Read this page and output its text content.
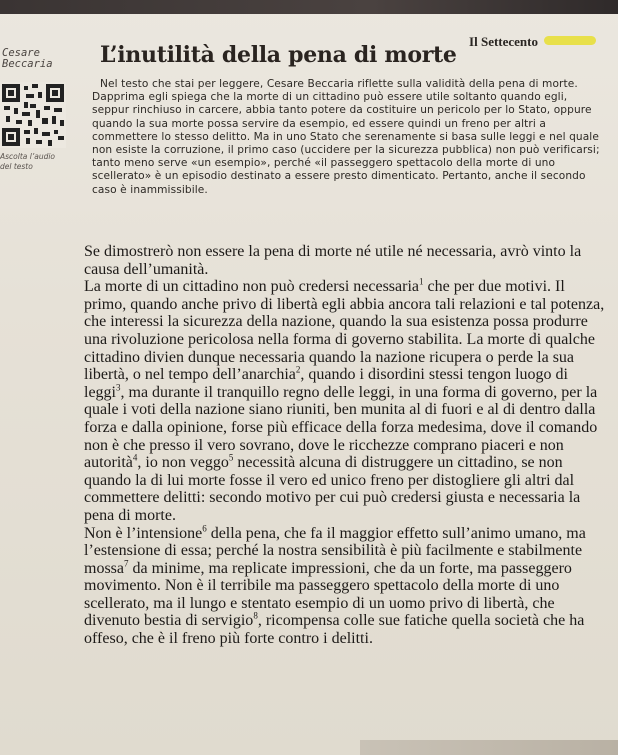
Il Settecento
Cesare
Beccaria	L’inutilità della pena di morte
Ascolta l’audio
del testo

Nel testo che stai per leggere, Cesare Beccaria riflette sulla validità della pena di morte. Dapprima egli spiega che la morte di un cittadino può essere utile soltanto quando egli, seppur rinchiuso in carcere, abbia tanto potere da costituire un pericolo per lo Stato, oppure quando la sua morte possa servire da esempio, ed essere quindi un freno per altri a commettere lo stesso delitto. Ma in uno Stato che serenamente si basa sulle leggi e nel quale non esiste la corruzione, il primo caso (uccidere per la sicurezza pubblica) non può verificarsi; tanto meno serve «un esempio», perché «il passeggero spettacolo della morte di uno scellerato» è un episodio destinato a essere presto dimenticato. Pertanto, anche il secondo caso è inammissibile.

Se dimostrerò non essere la pena di morte né utile né necessaria, avrò vinto la causa dell’umanità.

La morte di un cittadino non può credersi necessaria$^1$ che per due motivi. Il primo, quando anche privo di libertà egli abbia ancora tali relazioni e tal potenza, che interessi la sicurezza della nazione, quando la sua esistenza possa produrre una rivoluzione pericolosa nella forma di governo stabilita. La morte di qualche cittadino divien dunque necessaria quando la nazione ricupera o perde la sua libertà, o nel tempo dell’anarchia$^2$, quando i disordini stessi tengon luogo di leggi$^3$, ma durante il tranquillo regno delle leggi, in una forma di governo, per la quale i voti della nazione siano riuniti, ben munita al di fuori e al di dentro dalla forza e dalla opinione, forse più efficace della forza medesima, dove il comando non è che presso il vero sovrano, dove le ricchezze comprano piaceri e non autorità$^4$, io non veggo$^5$ necessità alcuna di distruggere un cittadino, se non quando la di lui morte fosse il vero ed unico freno per distogliere gli altri dal commettere delitti: secondo motivo per cui può credersi giusta e necessaria la pena di morte.

Non è l’intensione$^6$ della pena, che fa il maggior effetto sull’animo umano, ma l’estensione di essa; perché la nostra sensibilità è più facilmente e stabilmente mossa$^7$ da minime, ma replicate impressioni, che da un forte, ma passeggero movimento. Non è il terribile ma passeggero spettacolo della morte di uno scellerato, ma il lungo e stentato esempio di un uomo privo di libertà, che divenuto bestia di servigio$^8$, ricompensa colle sue fatiche quella società che ha offeso, che è il freno più forte contro i delitti.
